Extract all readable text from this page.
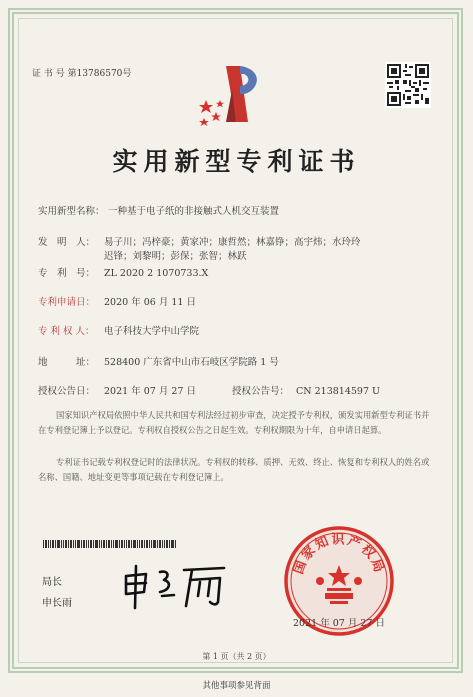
证 书 号 第13786570号
实用新型专利证书
实用新型名称： 一种基于电子纸的非接触式人机交互装置
发　明　人： 易子川；冯梓豪；黄家冲；康哲然；林嘉铮；高宇炜；水玲玲
迟锋；刘黎明；彭保；张智；林跃
专　利　号： ZL 2020 2 1070733.X
专利申请日： 2020 年 06 月 11 日
专 利 权 人： 电子科技大学中山学院
地　　　址： 528400 广东省中山市石岐区学院路 1 号
授权公告日： 2021 年 07 月 27 日	授权公告号： CN 213814597 U
国家知识产权局依照中华人民共和国专利法经过初步审查，决定授予专利权，颁发实用新型专利证书并在专利登记簿上予以登记。专利权自授权公告之日起生效。专利权期限为十年，自申请日起算。
专利证书记载专利权登记时的法律状况。专利权的转移、质押、无效、终止、恢复和专利权人的姓名或名称、国籍、地址变更等事项记载在专利登记簿上。
局长
申长雨
国家知识产权局
2021 年 07 月 27 日
第 1 页（共 2 页）
其他事项参见背面
